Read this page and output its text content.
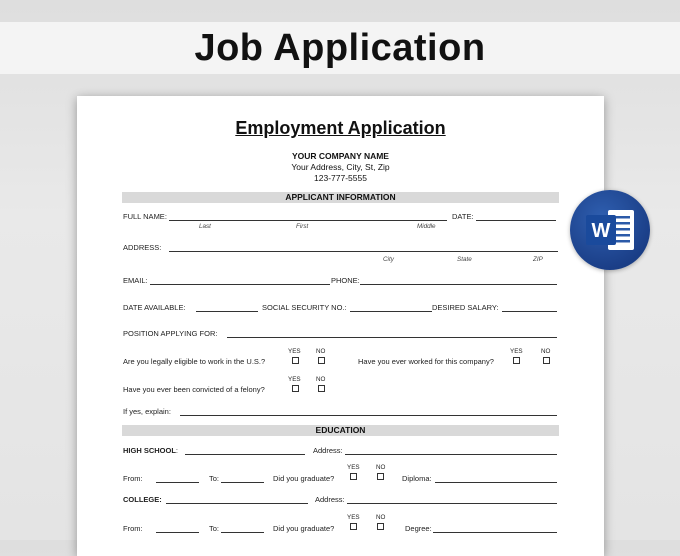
Job Application
Employment Application
YOUR COMPANY NAME
Your Address, City, St, Zip
123-777-5555
APPLICANT INFORMATION
FULL NAME:	DATE:
Last	First	Middle
ADDRESS:
City	State	ZIP
EMAIL:	PHONE:
DATE AVAILABLE:	SOCIAL SECURITY NO.:	DESIRED SALARY:
POSITION APPLYING FOR:
YES NO
Are you legally eligible to work in the U.S.?
YES	NO
Have you ever worked for this company?
YES NO
Have you ever been convicted of a felony?
If yes, explain:
EDUCATION
HIGH SCHOOL:	Address:
YES	NO
From:	To:	Did you graduate?	Diploma:
COLLEGE:	Address:
YES	NO
From:	To:	Did you graduate?	Degree:
W
